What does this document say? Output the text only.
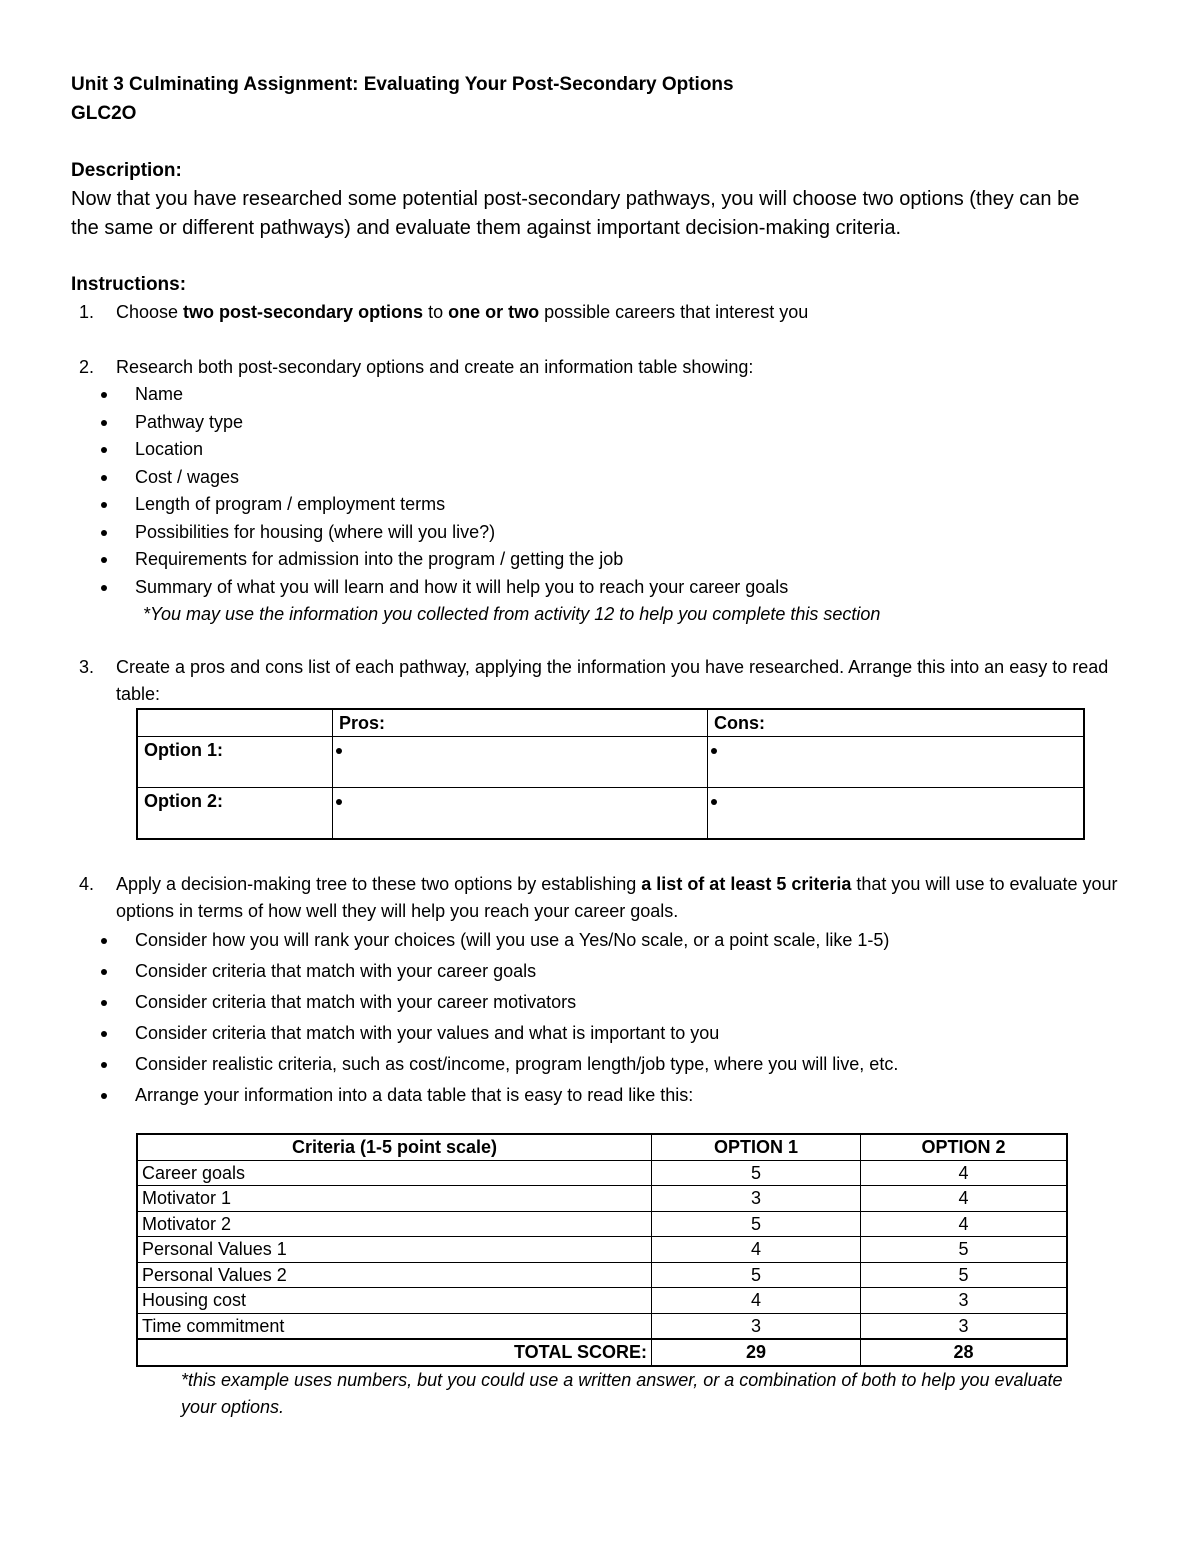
Unit 3 Culminating Assignment: Evaluating Your Post-Secondary Options
GLC2O
Description:
Now that you have researched some potential post-secondary pathways, you will choose two options (they can be the same or different pathways) and evaluate them against important decision-making criteria.
Instructions:
1. Choose two post-secondary options to one or two possible careers that interest you
2. Research both post-secondary options and create an information table showing:
Name
Pathway type
Location
Cost / wages
Length of program / employment terms
Possibilities for housing (where will you live?)
Requirements for admission into the program / getting the job
Summary of what you will learn and how it will help you to reach your career goals
*You may use the information you collected from activity 12 to help you complete this section
3. Create a pros and cons list of each pathway, applying the information you have researched. Arrange this into an easy to read table:
	Pros:	Cons:
Option 1:		
Option 2:		
4. Apply a decision-making tree to these two options by establishing a list of at least 5 criteria that you will use to evaluate your options in terms of how well they will help you reach your career goals.
Consider how you will rank your choices (will you use a Yes/No scale, or a point scale, like 1-5)
Consider criteria that match with your career goals
Consider criteria that match with your career motivators
Consider criteria that match with your values and what is important to you
Consider realistic criteria, such as cost/income, program length/job type, where you will live, etc.
Arrange your information into a data table that is easy to read like this:
Criteria (1-5 point scale)	OPTION 1	OPTION 2
Career goals	5	4
Motivator 1	3	4
Motivator 2	5	4
Personal Values 1	4	5
Personal Values 2	5	5
Housing cost	4	3
Time commitment	3	3
TOTAL SCORE:	29	28
*this example uses numbers, but you could use a written answer, or a combination of both to help you evaluate your options.
